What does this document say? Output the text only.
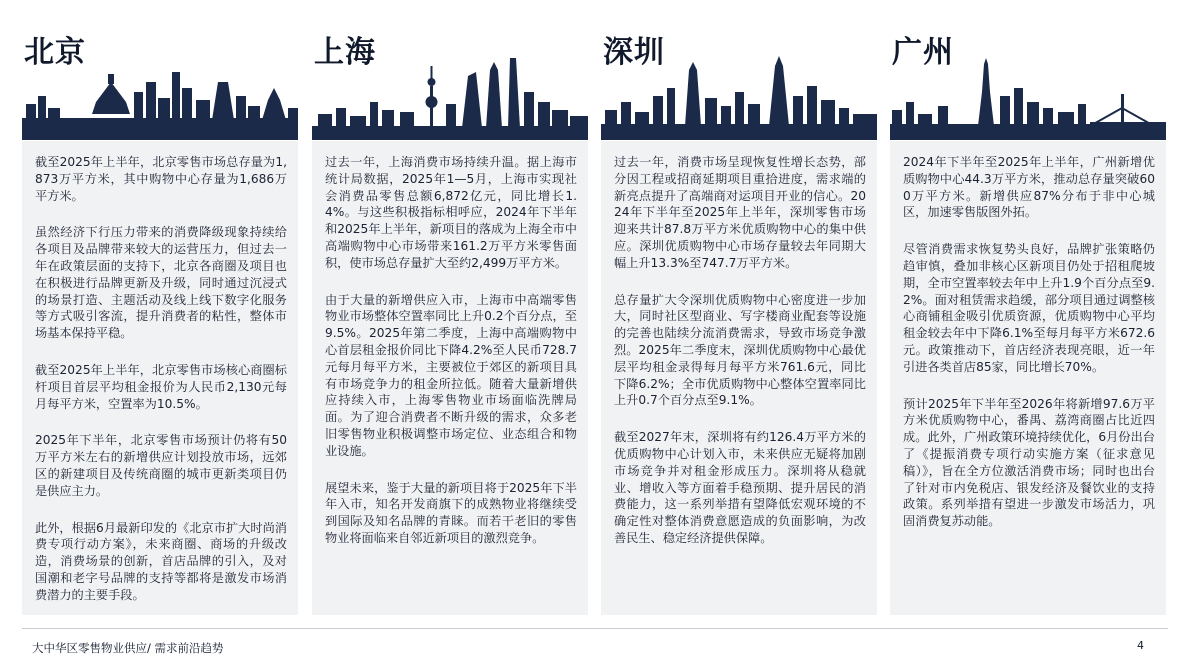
北京

截至2025年上半年，北京零售市场总存量为1,873万平方米，其中购物中心存量为1,686万平方米。

虽然经济下行压力带来的消费降级现象持续给各项目及品牌带来较大的运营压力，但过去一年在政策层面的支持下，北京各商圈及项目也在积极进行品牌更新及升级，同时通过沉浸式的场景打造、主题活动及线上线下数字化服务等方式吸引客流，提升消费者的粘性，整体市场基本保持平稳。

截至2025年上半年，北京零售市场核心商圈标杆项目首层平均租金报价为人民币2,130元每月每平方米，空置率为10.5%。

2025年下半年，北京零售市场预计仍将有50万平方米左右的新增供应计划投放市场，远郊区的新建项目及传统商圈的城市更新类项目仍是供应主力。

此外，根据6月最新印发的《北京市扩大时尚消费专项行动方案》，未来商圈、商场的升级改造，消费场景的创新，首店品牌的引入，及对国潮和老字号品牌的支持等都将是激发市场消费潜力的主要手段。

上海

过去一年，上海消费市场持续升温。据上海市统计局数据，2025年1—5月，上海市实现社会消费品零售总额6,872亿元，同比增长1.4%。与这些积极指标相呼应，2024年下半年和2025年上半年，新项目的落成为上海全市中高端购物中心市场带来161.2万平方米零售面积，使市场总存量扩大至约2,499万平方米。

由于大量的新增供应入市，上海市中高端零售物业市场整体空置率同比上升0.2个百分点，至9.5%。2025年第二季度，上海中高端购物中心首层租金报价同比下降4.2%至人民币728.7元每月每平方米，主要被位于郊区的新项目具有市场竞争力的租金所拉低。随着大量新增供应持续入市，上海零售物业市场面临洗牌局面。为了迎合消费者不断升级的需求，众多老旧零售物业积极调整市场定位、业态组合和物业设施。

展望未来，鉴于大量的新项目将于2025年下半年入市，知名开发商旗下的成熟物业将继续受到国际及知名品牌的青睐。而若干老旧的零售物业将面临来自邻近新项目的激烈竞争。

深圳

过去一年，消费市场呈现恢复性增长态势，部分因工程或招商延期项目重拾进度，需求端的新亮点提升了高端商对运项目开业的信心。2024年下半年至2025年上半年，深圳零售市场迎来共计87.8万平方米优质购物中心的集中供应。深圳优质购物中心市场存量较去年同期大幅上升13.3%至747.7万平方米。

总存量扩大令深圳优质购物中心密度进一步加大，同时社区型商业、写字楼商业配套等设施的完善也陆续分流消费需求，导致市场竞争激烈。2025年二季度末，深圳优质购物中心最优层平均租金录得每月每平方米761.6元，同比下降6.2%；全市优质购物中心整体空置率同比上升0.7个百分点至9.1%。

截至2027年末，深圳将有约126.4万平方米的优质购物中心计划入市，未来供应无疑将加剧市场竞争并对租金形成压力。深圳将从稳就业、增收入等方面着手稳预期、提升居民的消费能力，这一系列举措有望降低宏观环境的不确定性对整体消费意愿造成的负面影响，为改善民生、稳定经济提供保障。

广州

2024年下半年至2025年上半年，广州新增优质购物中心44.3万平方米，推动总存量突破600万平方米。新增供应87%分布于非中心城区，加速零售版图外拓。

尽管消费需求恢复势头良好，品牌扩张策略仍趋审慎，叠加非核心区新项目仍处于招租爬坡期，全市空置率较去年中上升1.9个百分点至9.2%。面对租赁需求趋缓，部分项目通过调整核心商铺租金吸引优质资源，优质购物中心平均租金较去年中下降6.1%至每月每平方米672.6元。政策推动下，首店经济表现亮眼，近一年引进各类首店85家，同比增长70%。

预计2025年下半年至2026年将新增97.6万平方米优质购物中心，番禺、荔湾商圈占比近四成。此外，广州政策环境持续优化，6月份出台了《提振消费专项行动实施方案（征求意见稿）》，旨在全方位激活消费市场；同时也出台了针对市内免税店、银发经济及餐饮业的支持政策。系列举措有望进一步激发市场活力，巩固消费复苏动能。

大中华区零售物业供应/ 需求前沿趋势	4
